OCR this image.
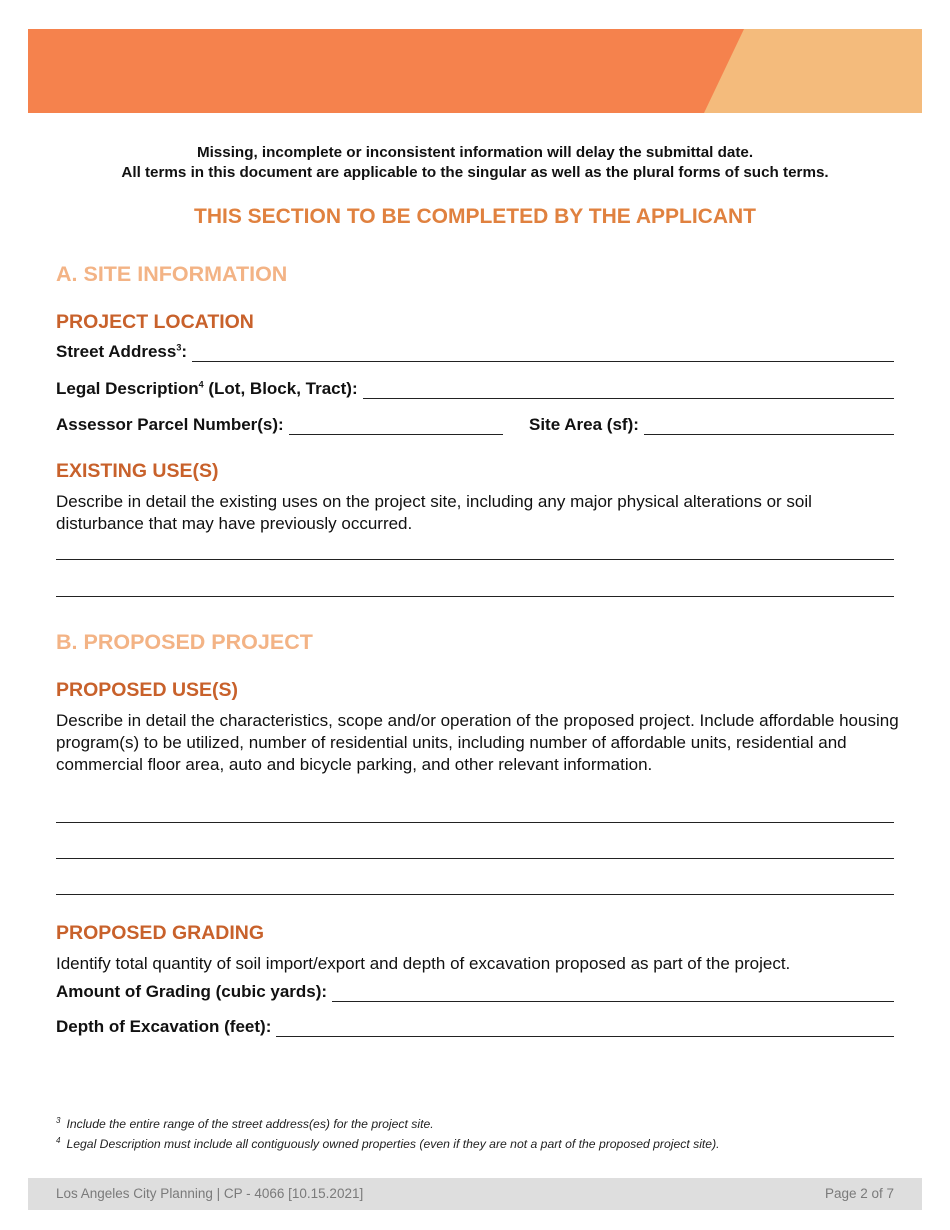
Missing, incomplete or inconsistent information will delay the submittal date.
All terms in this document are applicable to the singular as well as the plural forms of such terms.
THIS SECTION TO BE COMPLETED BY THE APPLICANT
A. SITE INFORMATION
PROJECT LOCATION
Street Address$^3$:
Legal Description$^4$ (Lot, Block, Tract):
Assessor Parcel Number(s):	Site Area (sf):
EXISTING USE(S)

Describe in detail the existing uses on the project site, including any major physical alterations or soil disturbance that may have previously occurred.

B. PROPOSED PROJECT
PROPOSED USE(S)

Describe in detail the characteristics, scope and/or operation of the proposed project. Include affordable housing program(s) to be utilized, number of residential units, including number of affordable units, residential and commercial floor area, auto and bicycle parking, and other relevant information.

PROPOSED GRADING

Identify total quantity of soil import/export and depth of excavation proposed as part of the project.

Amount of Grading (cubic yards):
Depth of Excavation (feet):
$^3$ Include the entire range of the street address(es) for the project site.
$^4$ Legal Description must include all contiguously owned properties (even if they are not a part of the proposed project site).
Los Angeles City Planning | CP - 4066 [10.15.2021]	Page 2 of 7
